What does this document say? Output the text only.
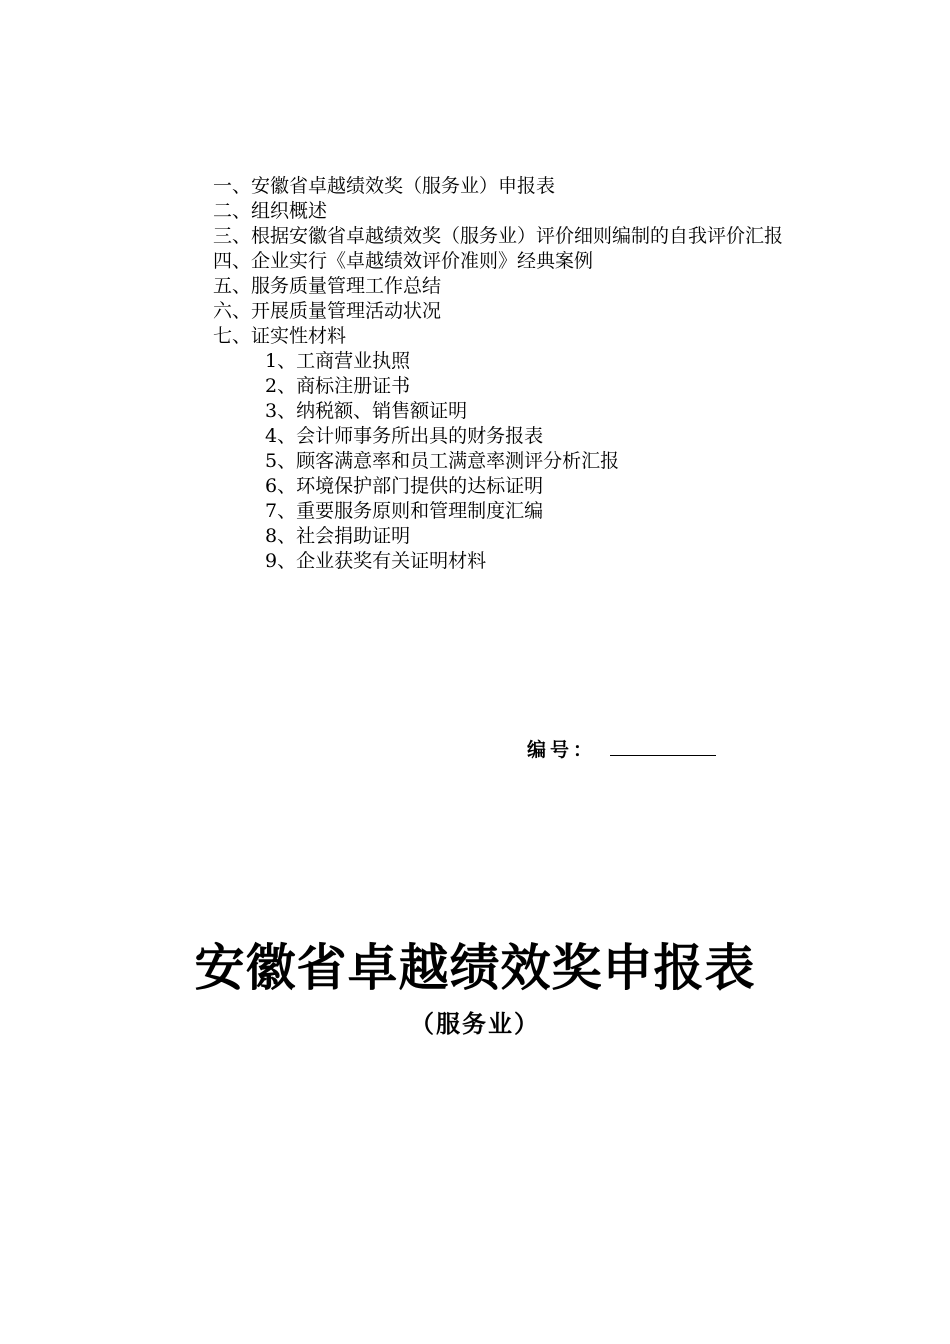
一、 安徽省卓越绩效奖（服务业）申报表
二、 组织概述
三、 根据安徽省卓越绩效奖（服务业）评价细则编制的自我评价汇报
四、 企业实行《卓越绩效评价准则》经典案例
五、 服务质量管理工作总结
六、 开展质量管理活动状况
七、 证实性材料
1、 工商营业执照
2、 商标注册证书
3、 纳税额、销售额证明
4、 会计师事务所出具的财务报表
5、 顾客满意率和员工满意率测评分析汇报
6、 环境保护部门提供的达标证明
7、 重要服务原则和管理制度汇编
8、 社会捐助证明
9、 企业获奖有关证明材料
编号：
安徽省卓越绩效奖申报表
（服务业）
